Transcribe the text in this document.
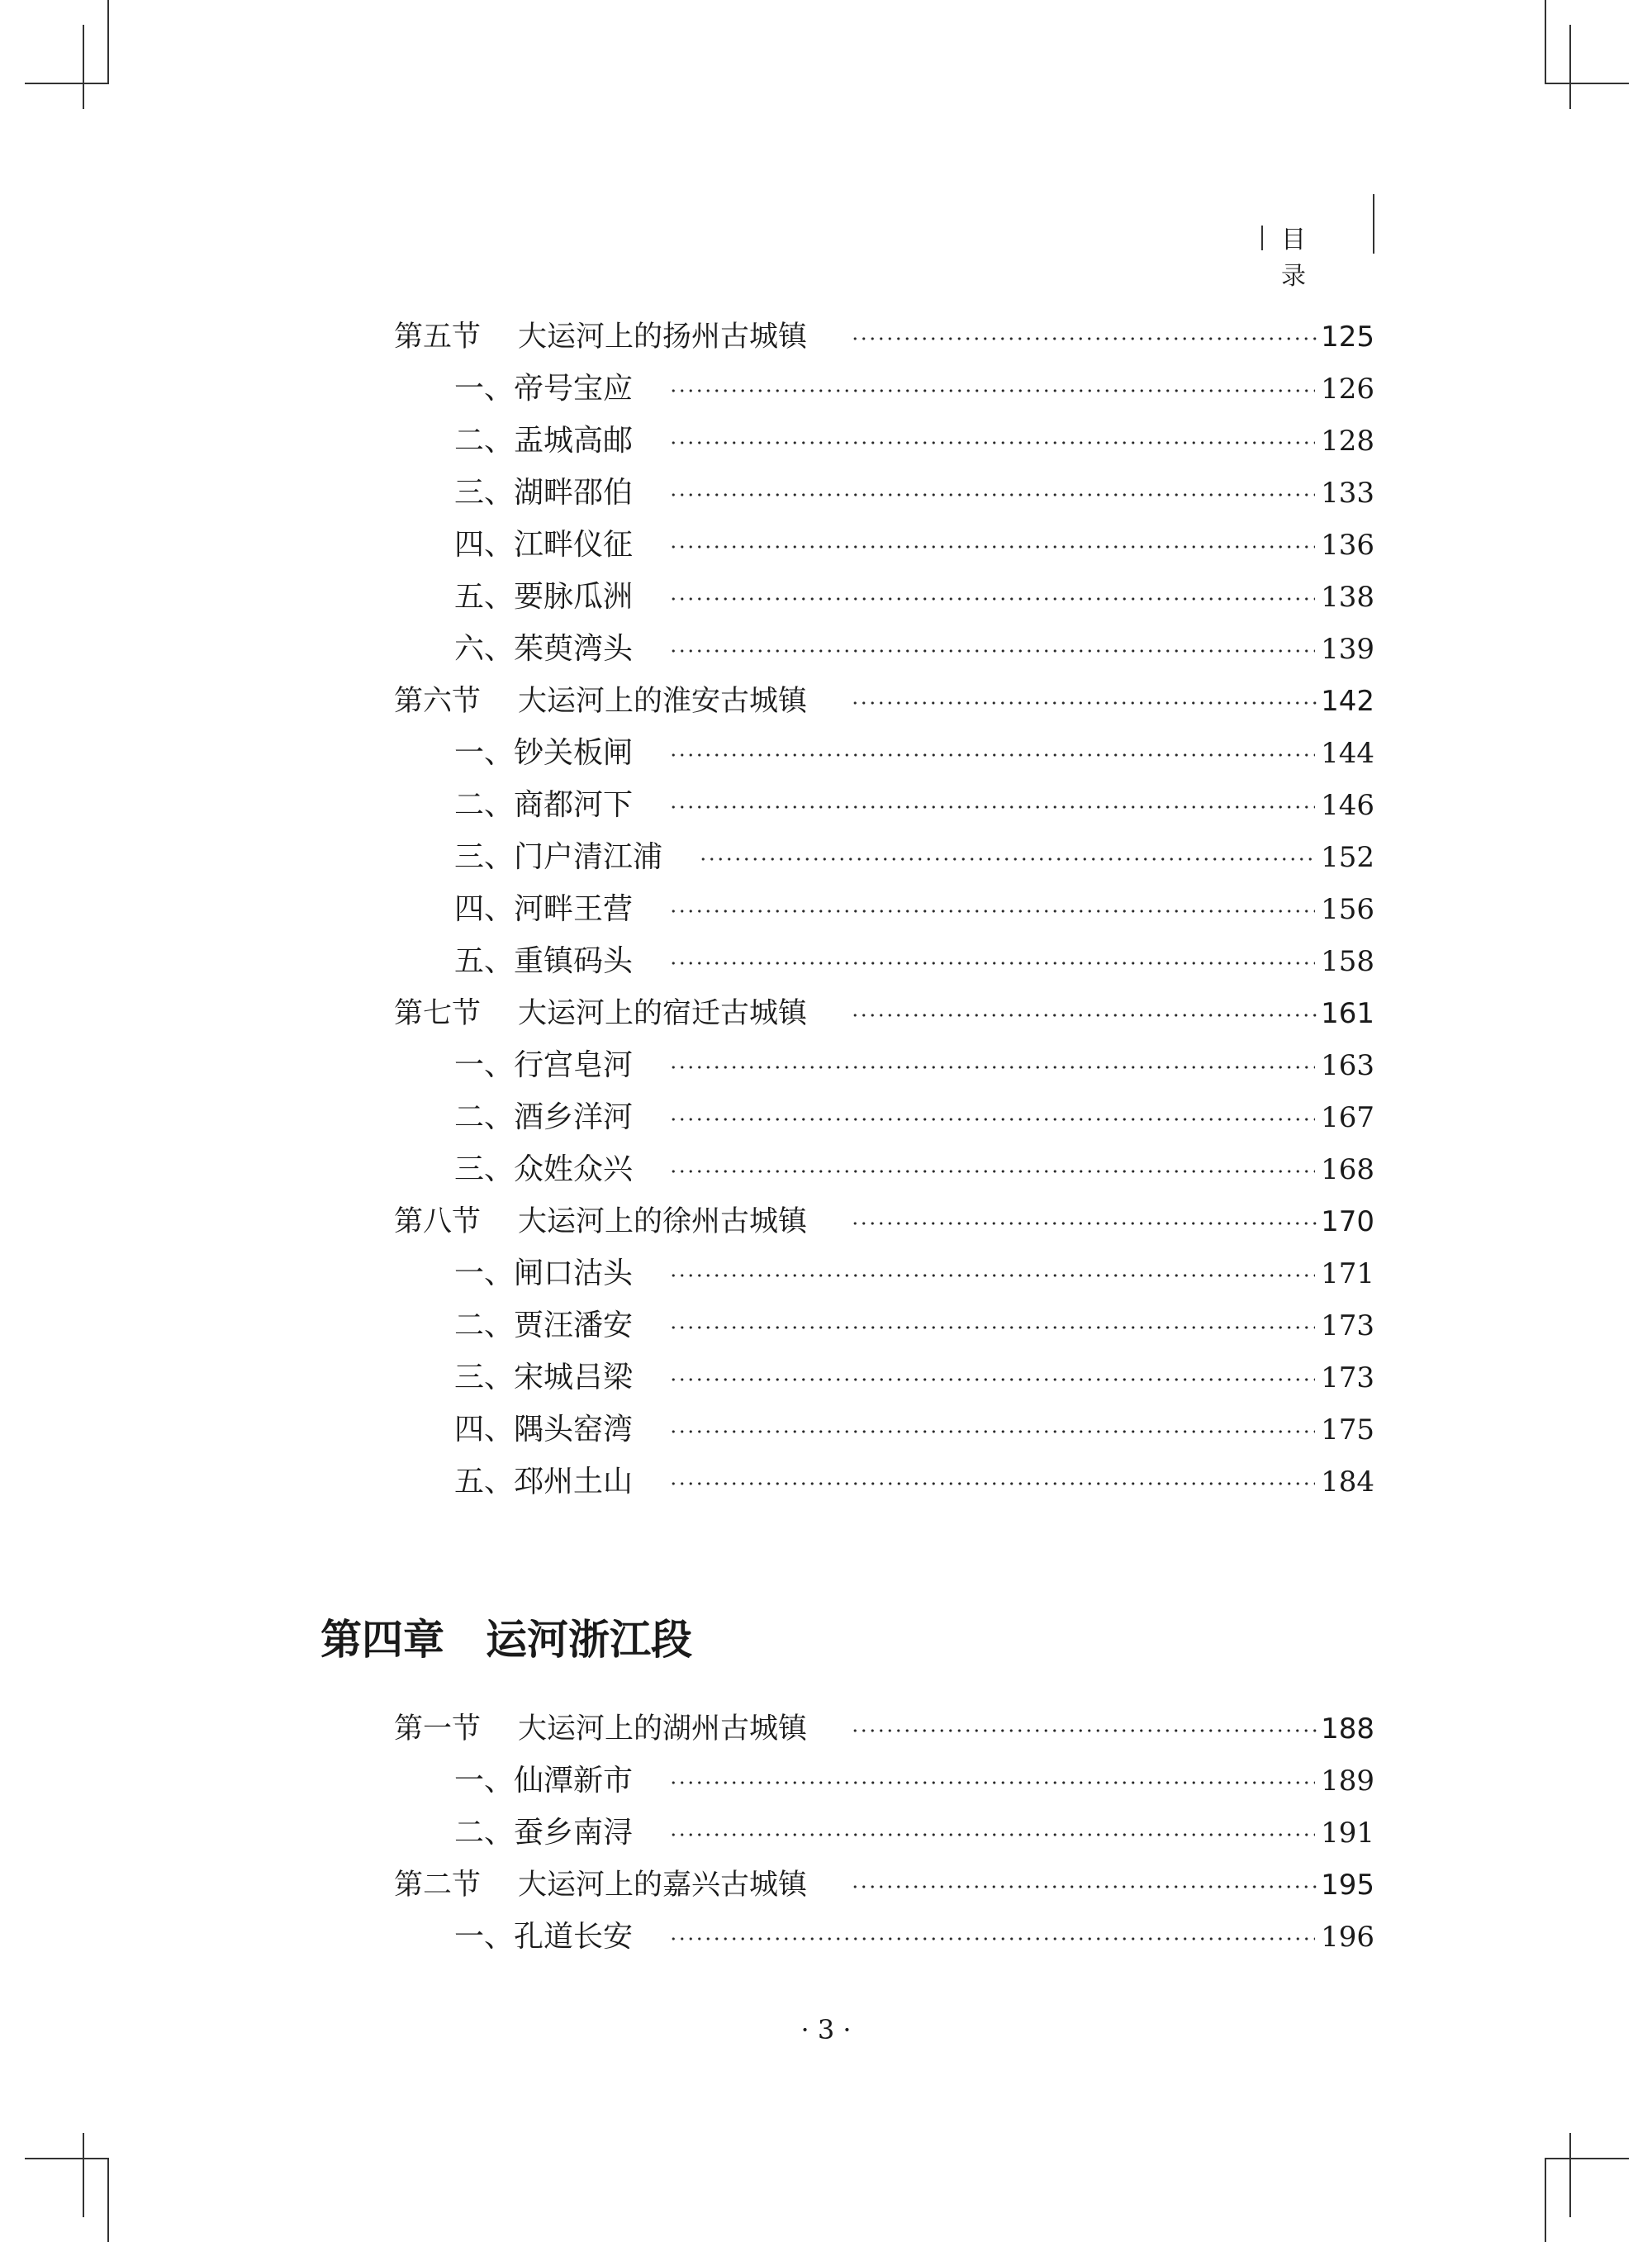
目 录
第五节 大运河上的扬州古城镇	125
一、帝号宝应	126
二、盂城高邮	128
三、湖畔邵伯	133
四、江畔仪征	136
五、要脉瓜洲	138
六、茱萸湾头	139
第六节 大运河上的淮安古城镇	142
一、钞关板闸	144
二、商都河下	146
三、门户清江浦	152
四、河畔王营	156
五、重镇码头	158
第七节 大运河上的宿迁古城镇	161
一、行宫皂河	163
二、酒乡洋河	167
三、众姓众兴	168
第八节 大运河上的徐州古城镇	170
一、闸口沽头	171
二、贾汪潘安	173
三、宋城吕梁	173
四、隅头窑湾	175
五、邳州土山	184
第四章 运河浙江段
第一节 大运河上的湖州古城镇	188
一、仙潭新市	189
二、蚕乡南浔	191
第二节 大运河上的嘉兴古城镇	195
一、孔道长安	196
· 3 ·
